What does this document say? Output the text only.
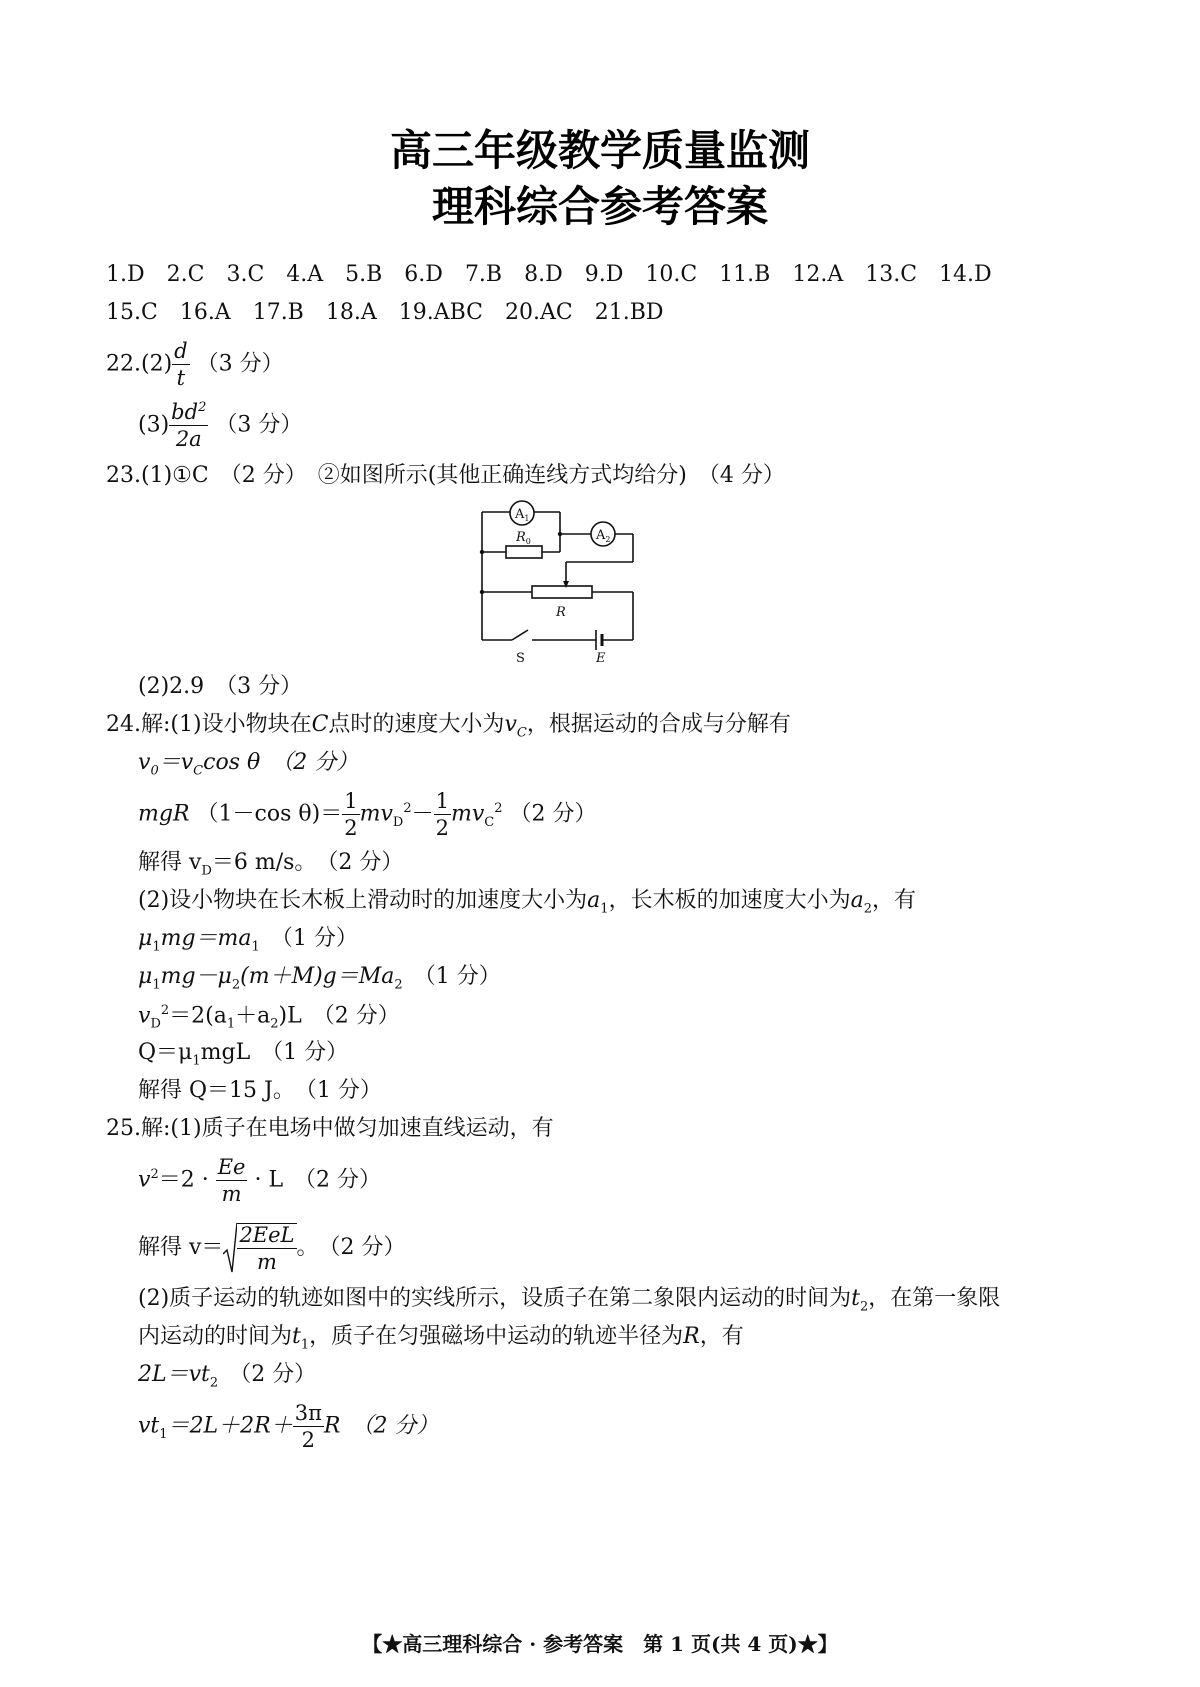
高三年级教学质量监测
理科综合参考答案
1.D　2.C　3.C　4.A　5.B　6.D　7.B　8.D　9.D　10.C　11.B　12.A　13.C　14.D
15.C　16.A　17.B　18.A　19.ABC　20.AC　21.BD
$22.(2) \frac{d}{t} (3$ 分）
$(3) \frac{bd^2}{2a} (3$ 分）
23.(1)①C　（2 分）　②如图所示(其他正确连线方式均给分)　（4 分）
$A_1$
$A_2$
$R_0$
R
S	E
(2)2.9　（3 分）
24.解:(1)设小物块在C点时的速度大小为$v_C$，根据运动的合成与分解有
$v_0=v_C\cos$ θ　（2 分）
mgR （1－cos $\theta)= \frac{1}{2} mv_D^2- \frac{1}{2} mv_C^2$ （2 分）
解得 $v_D=6$ m/s。　（2 分）
(2)设小物块在长木板上滑动时的加速度大小为$a_1$，长木板的加速度大小为$a_2$，有
$\mu_1mg=ma_1$　 （1 分）
$\mu_1mg-\mu_2(m+M)g=Ma_2$　 （1 分）
$v_D^2=2(a_1+a_2)L$　（2 分）
$Q=\mu_1mgL$　（1 分）
解得 Q＝15 J。　（1 分）
25.解:(1)质子在电场中做匀加速直线运动，有
$v^2=2 \cdot \frac{Ee}{m} \cdot L$　（2 分）
解得 $v= \frac{\text{2EeL}}{m}$ 。　（2 分）
(2)质子运动的轨迹如图中的实线所示，设质子在第二象限内运动的时间为$t_2$，在第一象限
内运动的时间为$t_1$，质子在匀强磁场中运动的轨迹半径为R，有
$2L=vt_2$　 （2 分）
$vt_1=2L+2R+ \frac{3\pi}{2}$ R　（2 分）
【★高三理科综合 · 参考答案　第 1 页(共 4 页)★】
